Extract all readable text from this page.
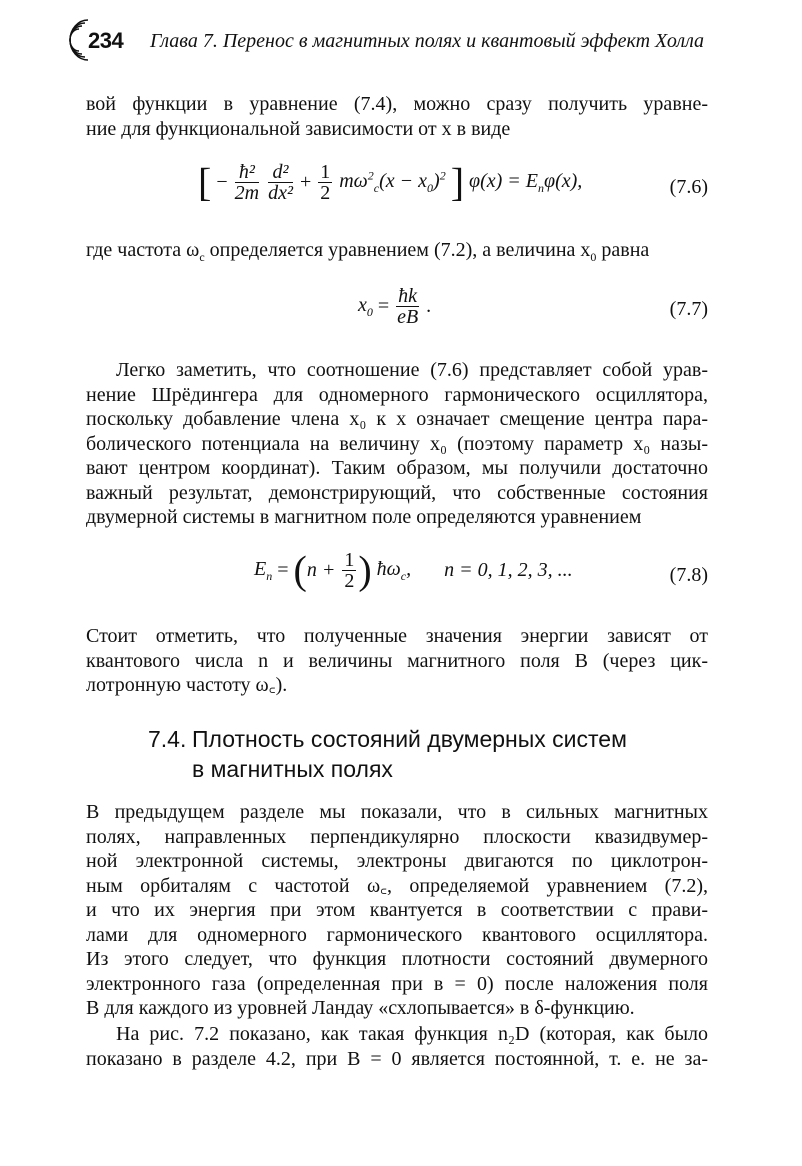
234 Глава 7. Перенос в магнитных полях и квантовый эффект Холла
вой функции в уравнение (7.4), можно сразу получить уравне-
ние для функциональной зависимости от x в виде
[ − $\frac{\text{ħ²}}{2m}$
$\frac{\text{d²}}{\text{dx²}} + \frac{1}{2} m\omega^2_c(x - x_0)^2$ ] $\varphi(x) = E_n\varphi(x)$,	(7.6)
где частота $\omega_c$ определяется уравнением (7.2), а величина $x_0$ равна
$x_0 = \frac{ħk}{eB}$ .	(7.7)
Легко заметить, что соотношение (7.6) представляет собой урав-
нение Шрёдингера для одномерного гармонического осциллятора,
поскольку добавление члена x₀ к x означает смещение центра пара-
болического потенциала на величину x₀ (поэтому параметр x₀ назы-
вают центром координат). Таким образом, мы получили достаточно
важный результат, демонстрирующий, что собственные состояния
двумерной системы в магнитном поле определяются уравнением
$E_n = (n + \frac{1}{2}$ ) $ħ\omega_c$, n = 0, 1, 2, 3, ...	(7.8)
Стоит отметить, что полученные значения энергии зависят от
квантового числа n и величины магнитного поля B (через цик-
лотронную частоту ω꜀).
7.4. Плотность состояний двумерных систем
в магнитных полях
В предыдущем разделе мы показали, что в сильных магнитных
полях, направленных перпендикулярно плоскости квазидвумер-
ной электронной системы, электроны двигаются по циклотрон-
ным орбиталям с частотой ω꜀, определяемой уравнением (7.2),
и что их энергия при этом квантуется в соответствии с прави-
лами для одномерного гармонического квантового осциллятора.
Из этого следует, что функция плотности состояний двумерного
электронного газа (определенная при в = 0) после наложения поля
B для каждого из уровней Ландау «схлопывается» в δ-функцию.
На рис. 7.2 показано, как такая функция n₂D (которая, как было
показано в разделе 4.2, при B = 0 является постоянной, т. е. не за-
